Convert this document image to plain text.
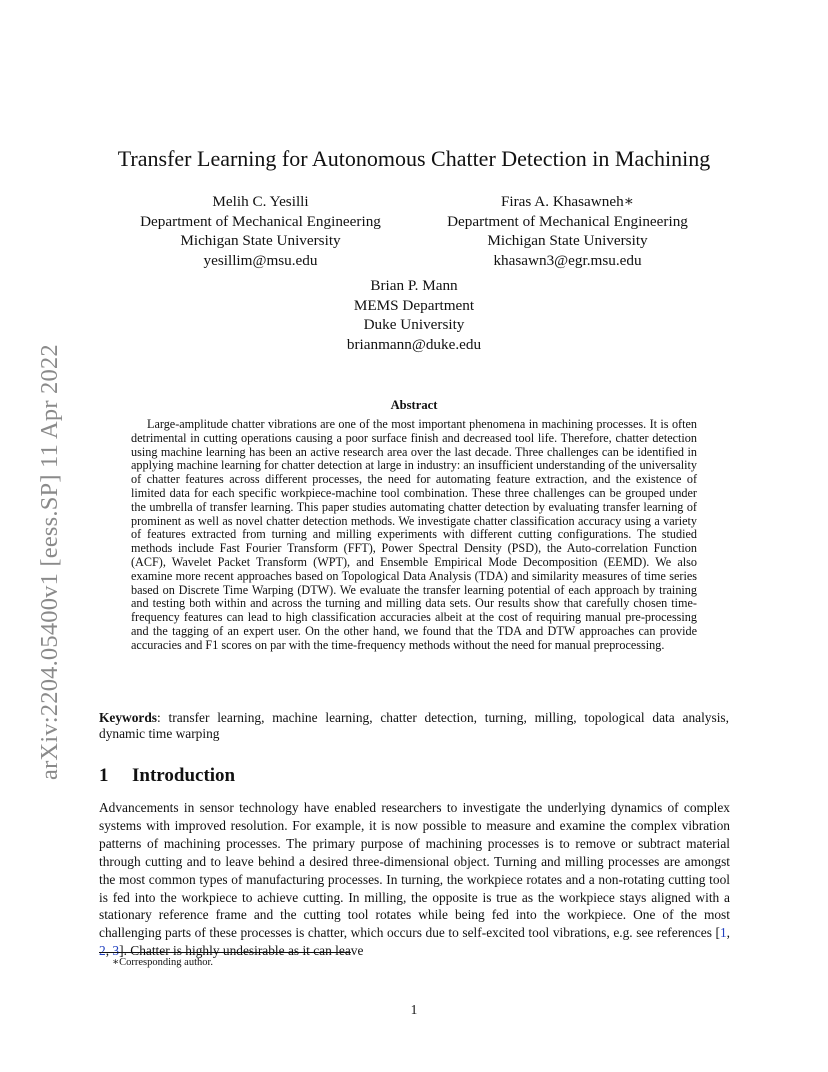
arXiv:2204.05400v1 [eess.SP] 11 Apr 2022
Transfer Learning for Autonomous Chatter Detection in Machining
Melih C. Yesilli
Department of Mechanical Engineering
Michigan State University
yesillim@msu.edu
Firas A. Khasawneh∗
Department of Mechanical Engineering
Michigan State University
khasawn3@egr.msu.edu
Brian P. Mann
MEMS Department
Duke University
brianmann@duke.edu
Abstract

Large-amplitude chatter vibrations are one of the most important phenomena in machining processes. It is often detrimental in cutting operations causing a poor surface finish and decreased tool life. Therefore, chatter detection using machine learning has been an active research area over the last decade. Three challenges can be identified in applying machine learning for chatter detection at large in industry: an insufficient understanding of the universality of chatter features across different processes, the need for automating feature extraction, and the existence of limited data for each specific workpiece-machine tool combination. These three challenges can be grouped under the umbrella of transfer learning. This paper studies automating chatter detection by evaluating transfer learning of prominent as well as novel chatter detection methods. We investigate chatter classification accuracy using a variety of features extracted from turning and milling experiments with different cutting configurations. The studied methods include Fast Fourier Transform (FFT), Power Spectral Density (PSD), the Auto-correlation Function (ACF), Wavelet Packet Transform (WPT), and Ensemble Empirical Mode Decomposition (EEMD). We also examine more recent approaches based on Topological Data Analysis (TDA) and similarity measures of time series based on Discrete Time Warping (DTW). We evaluate the transfer learning potential of each approach by training and testing both within and across the turning and milling data sets. Our results show that carefully chosen time-frequency features can lead to high classification accuracies albeit at the cost of requiring manual pre-processing and the tagging of an expert user. On the other hand, we found that the TDA and DTW approaches can provide accuracies and F1 scores on par with the time-frequency methods without the need for manual preprocessing.

Keywords: transfer learning, machine learning, chatter detection, turning, milling, topological data analysis, dynamic time warping

1 Introduction

Advancements in sensor technology have enabled researchers to investigate the underlying dynamics of complex systems with improved resolution. For example, it is now possible to measure and examine the complex vibration patterns of machining processes. The primary purpose of machining processes is to remove or subtract material through cutting and to leave behind a desired three-dimensional object. Turning and milling processes are amongst the most common types of manufacturing processes. In turning, the workpiece rotates and a non-rotating cutting tool is fed into the workpiece to achieve cutting. In milling, the opposite is true as the workpiece stays aligned with a stationary reference frame and the cutting tool rotates while being fed into the workpiece. One of the most challenging parts of these processes is chatter, which occurs due to self-excited tool vibrations, e.g. see references [1, 2, 3]. Chatter is highly undesirable as it can leave

∗Corresponding author.
1
